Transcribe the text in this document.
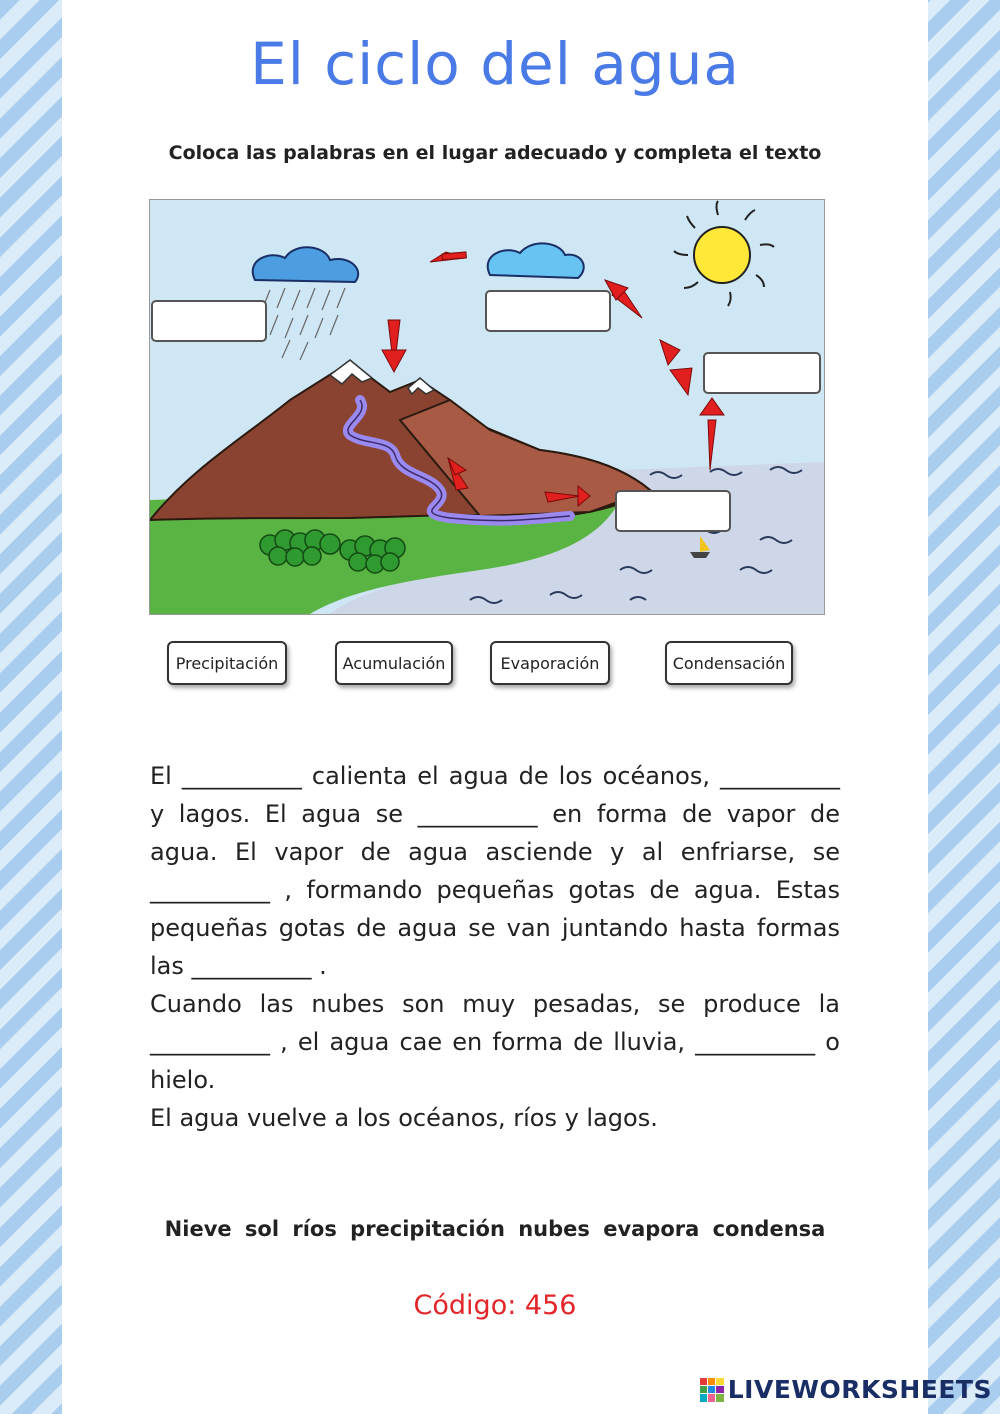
El ciclo del agua
Coloca las palabras en el lugar adecuado y completa el texto
Precipitación	Acumulación	Evaporación	Condensación

El __________ calienta el agua de los océanos, __________ y lagos. El agua se __________ en forma de vapor de agua. El vapor de agua asciende y al enfriarse, se __________ , formando pequeñas gotas de agua. Estas pequeñas gotas de agua se van juntando hasta formas las __________ .

Cuando las nubes son muy pesadas, se produce la __________ , el agua cae en forma de lluvia, __________ o hielo.

El agua vuelve a los océanos, ríos y lagos.

Nieve sol ríos precipitación nubes evapora condensa
Código: 456
LIVEWORKSHEETS
